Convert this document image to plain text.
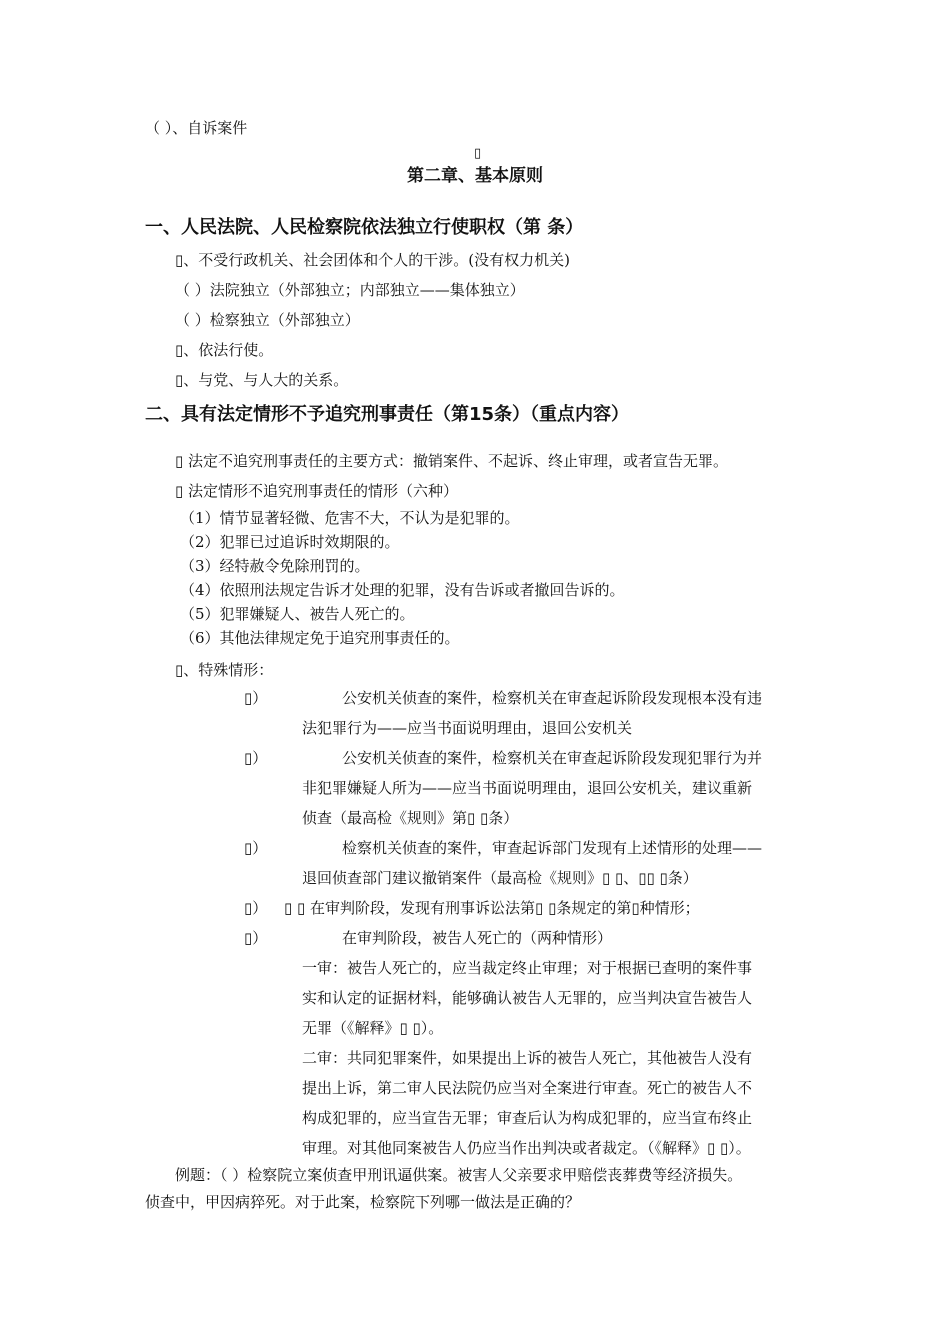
（ ）、自诉案件
▯
第二章、基本原则
一、人民法院、人民检察院依法独立行使职权（第 条）
▯、不受行政机关、社会团体和个人的干涉。(没有权力机关)
（ ）法院独立（外部独立；内部独立——集体独立）
（ ）检察独立（外部独立）
▯、依法行使。
▯、与党、与人大的关系。
二、具有法定情形不予追究刑事责任（第15条）（重点内容）
▯ 法定不追究刑事责任的主要方式：撤销案件、不起诉、终止审理，或者宣告无罪。
▯ 法定情形不追究刑事责任的情形（六种）
（1）情节显著轻微、危害不大，不认为是犯罪的。
（2）犯罪已过追诉时效期限的。
（3）经特赦令免除刑罚的。
（4）依照刑法规定告诉才处理的犯罪，没有告诉或者撤回告诉的。
（5）犯罪嫌疑人、被告人死亡的。
（6）其他法律规定免于追究刑事责任的。
▯、特殊情形：
▯）	公安机关侦查的案件，检察机关在审查起诉阶段发现根本没有违
法犯罪行为——应当书面说明理由，退回公安机关
▯）	公安机关侦查的案件，检察机关在审查起诉阶段发现犯罪行为并
非犯罪嫌疑人所为——应当书面说明理由，退回公安机关，建议重新
侦查（最高检《规则》第▯ ▯条）
▯）	检察机关侦查的案件，审查起诉部门发现有上述情形的处理——
退回侦查部门建议撤销案件（最高检《规则》▯ ▯、▯▯ ▯条）
▯） ▯ ▯ 在审判阶段，发现有刑事诉讼法第▯ ▯条规定的第▯种情形；
▯）	在审判阶段，被告人死亡的（两种情形）
一审：被告人死亡的，应当裁定终止审理；对于根据已查明的案件事
实和认定的证据材料，能够确认被告人无罪的，应当判决宣告被告人
无罪（《解释》▯ ▯）。
二审：共同犯罪案件，如果提出上诉的被告人死亡，其他被告人没有
提出上诉，第二审人民法院仍应当对全案进行审查。死亡的被告人不
构成犯罪的，应当宣告无罪；审查后认为构成犯罪的，应当宣布终止
审理。对其他同案被告人仍应当作出判决或者裁定。（《解释》▯ ▯）。
例题：（ ）检察院立案侦查甲刑讯逼供案。被害人父亲要求甲赔偿丧葬费等经济损失。
侦查中，甲因病猝死。对于此案，检察院下列哪一做法是正确的？
